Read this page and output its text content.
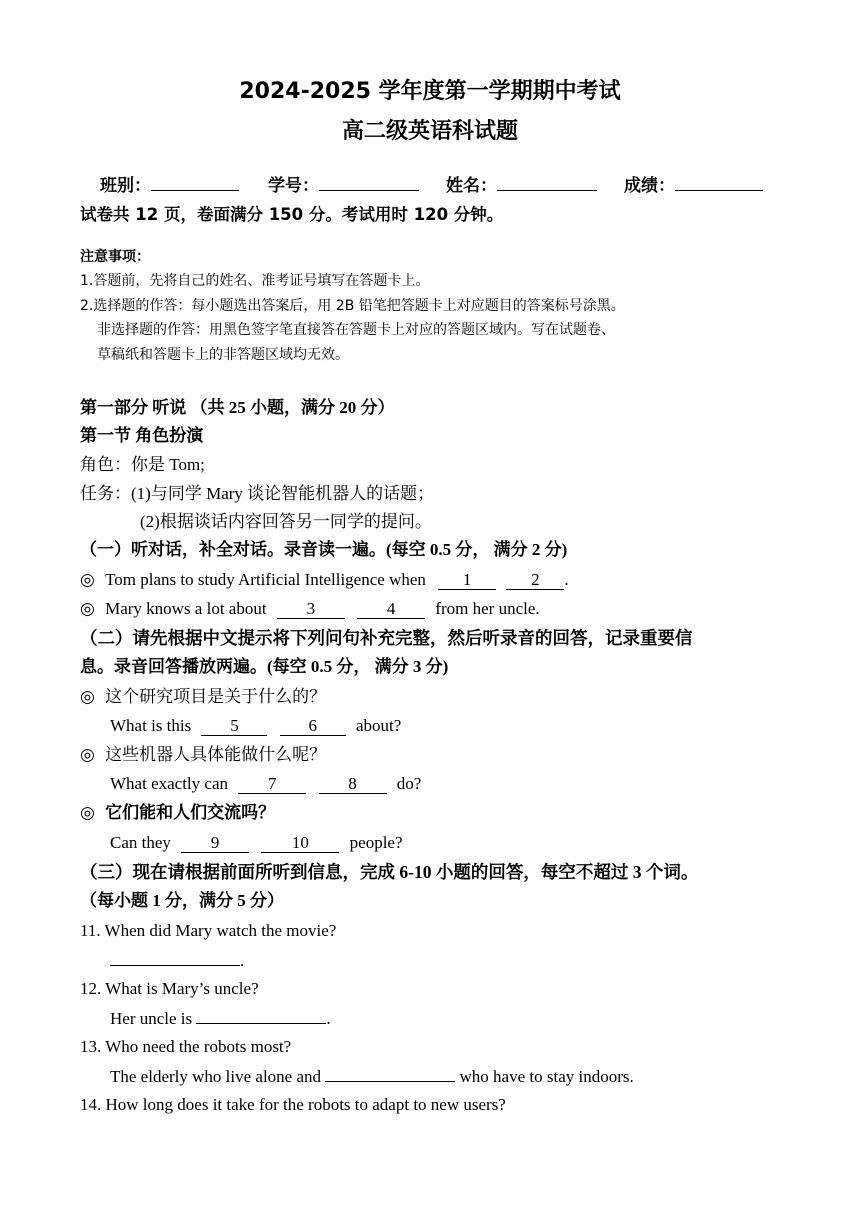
2024-2025 学年度第一学期期中考试
高二级英语科试题
班别：	学号：	姓名：	成绩：
试卷共 12 页，卷面满分 150 分。考试用时 120 分钟。
注意事项：
1.答题前，先将自己的姓名、准考证号填写在答题卡上。
2.选择题的作答：每小题选出答案后，用 2B 铅笔把答题卡上对应题目的答案标号涂黑。
非选择题的作答：用黑色签字笔直接答在答题卡上对应的答题区域内。写在试题卷、
草稿纸和答题卡上的非答题区域均无效。
第一部分 听说 （共 25 小题，满分 20 分）
第一节 角色扮演
角色：你是 Tom;
任务：(1)与同学 Mary 谈论智能机器人的话题；
(2)根据谈话内容回答另一同学的提问。
（一）听对话，补全对话。录音读一遍。(每空 0.5 分， 满分 2 分)
◎ Tom plans to study Artificial Intelligence when 1	2 .
◎ Mary knows a lot about 3	4 from her uncle.
（二）请先根据中文提示将下列问句补充完整，然后听录音的回答，记录重要信
息。录音回答播放两遍。(每空 0.5 分， 满分 3 分)
◎ 这个研究项目是关于什么的？
What is this 5	6 about?
◎ 这些机器人具体能做什么呢？
What exactly can 7	8 do?
◎ 它们能和人们交流吗？
Can they 9	10 people?
（三）现在请根据前面所听到信息，完成 6-10 小题的回答，每空不超过 3 个词。
（每小题 1 分，满分 5 分）
11. When did Mary watch the movie?
.
12. What is Mary’s uncle?
Her uncle is	.
13. Who need the robots most?
The elderly who live alone and	who have to stay indoors.
14. How long does it take for the robots to adapt to new users?
